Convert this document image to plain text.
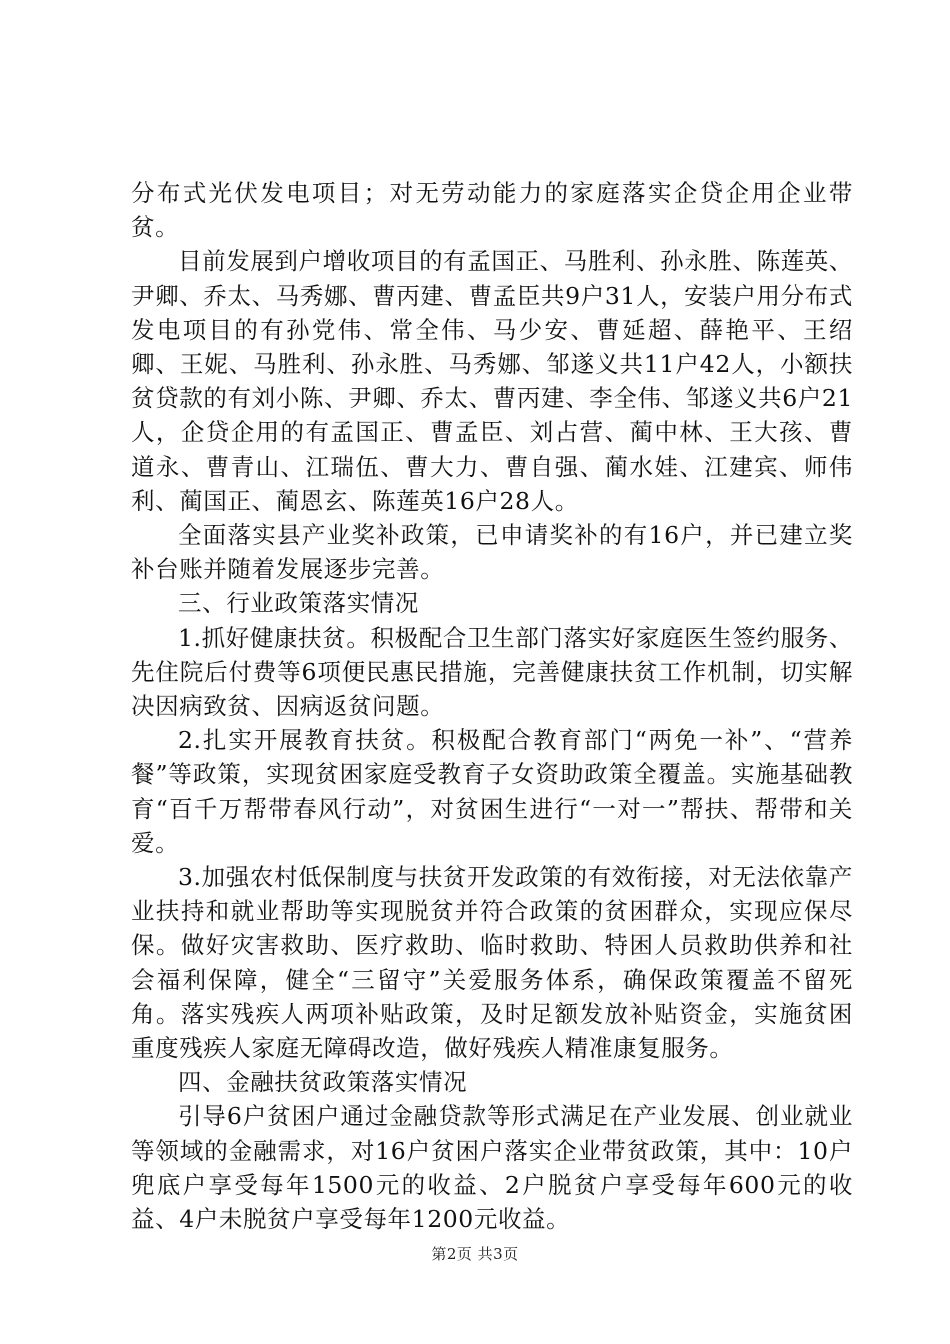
分布式光伏发电项目；对无劳动能力的家庭落实企贷企用企业带贫。

目前发展到户增收项目的有孟国正、马胜利、孙永胜、陈莲英、尹卿、乔太、马秀娜、曹丙建、曹孟臣共9户31人，安装户用分布式发电项目的有孙党伟、常全伟、马少安、曹延超、薛艳平、王绍卿、王妮、马胜利、孙永胜、马秀娜、邹遂义共11户42人，小额扶贫贷款的有刘小陈、尹卿、乔太、曹丙建、李全伟、邹遂义共6户21人，企贷企用的有孟国正、曹孟臣、刘占营、蔺中林、王大孩、曹道永、曹青山、江瑞伍、曹大力、曹自强、蔺水娃、江建宾、师伟利、蔺国正、蔺恩玄、陈莲英16户28人。

全面落实县产业奖补政策，已申请奖补的有16户，并已建立奖补台账并随着发展逐步完善。

三、行业政策落实情况

1.抓好健康扶贫。积极配合卫生部门落实好家庭医生签约服务、先住院后付费等6项便民惠民措施，完善健康扶贫工作机制，切实解决因病致贫、因病返贫问题。

2.扎实开展教育扶贫。积极配合教育部门“两免一补”、“营养餐”等政策，实现贫困家庭受教育子女资助政策全覆盖。实施基础教育“百千万帮带春风行动”，对贫困生进行“一对一”帮扶、帮带和关爱。

3.加强农村低保制度与扶贫开发政策的有效衔接，对无法依靠产业扶持和就业帮助等实现脱贫并符合政策的贫困群众，实现应保尽保。做好灾害救助、医疗救助、临时救助、特困人员救助供养和社会福利保障，健全“三留守”关爱服务体系，确保政策覆盖不留死角。落实残疾人两项补贴政策，及时足额发放补贴资金，实施贫困重度残疾人家庭无障碍改造，做好残疾人精准康复服务。

四、金融扶贫政策落实情况

引导6户贫困户通过金融贷款等形式满足在产业发展、创业就业等领域的金融需求，对16户贫困户落实企业带贫政策，其中：10户兜底户享受每年1500元的收益、2户脱贫户享受每年600元的收益、4户未脱贫户享受每年1200元收益。

第2页 共3页
